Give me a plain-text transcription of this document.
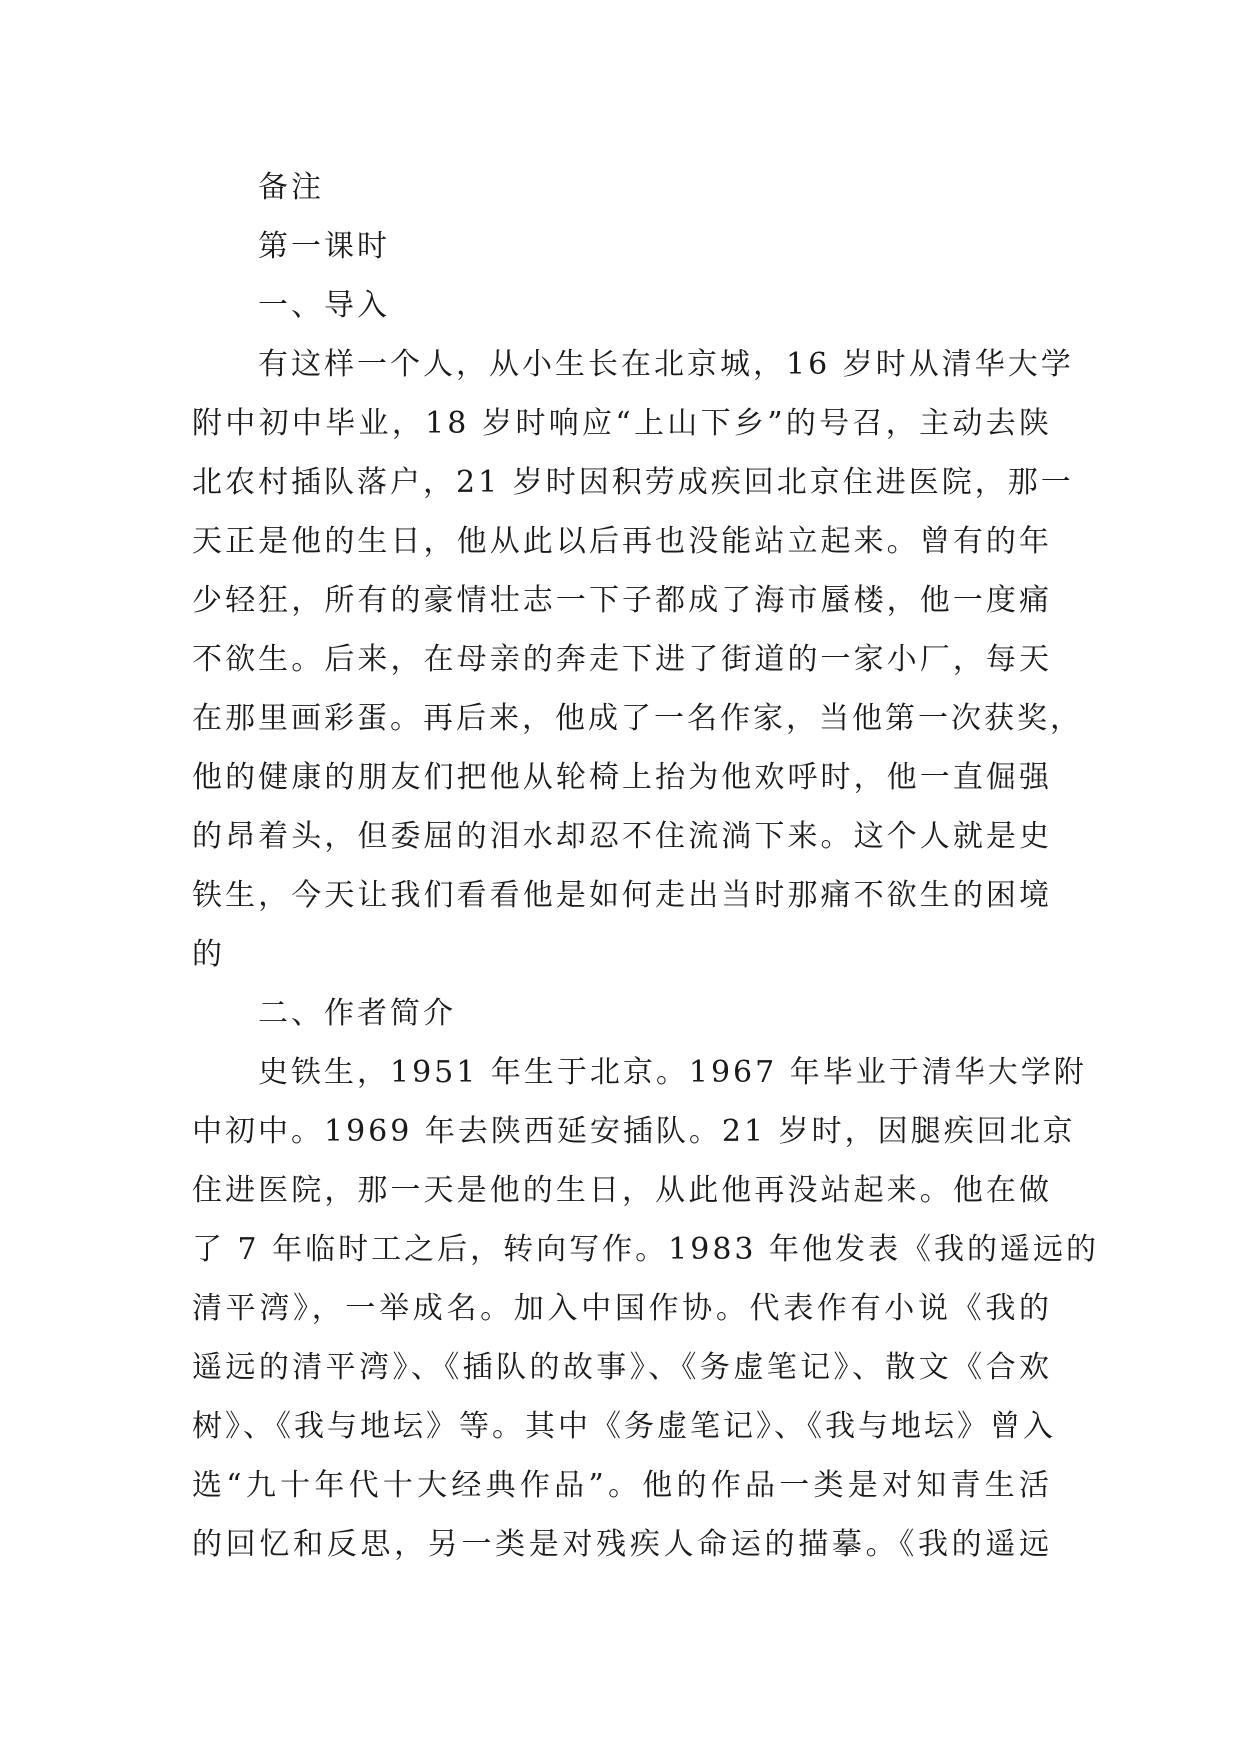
备注
第一课时
一、导入
有这样一个人，从小生长在北京城，16 岁时从清华大学
附中初中毕业，18 岁时响应“上山下乡”的号召，主动去陕
北农村插队落户，21 岁时因积劳成疾回北京住进医院，那一
天正是他的生日，他从此以后再也没能站立起来。曾有的年
少轻狂，所有的豪情壮志一下子都成了海市蜃楼，他一度痛
不欲生。后来，在母亲的奔走下进了街道的一家小厂，每天
在那里画彩蛋。再后来，他成了一名作家，当他第一次获奖，
他的健康的朋友们把他从轮椅上抬为他欢呼时，他一直倔强
的昂着头，但委屈的泪水却忍不住流淌下来。这个人就是史
铁生，今天让我们看看他是如何走出当时那痛不欲生的困境
的
二、作者简介
史铁生，1951 年生于北京。1967 年毕业于清华大学附
中初中。1969 年去陕西延安插队。21 岁时，因腿疾回北京
住进医院，那一天是他的生日，从此他再没站起来。他在做
了 7 年临时工之后，转向写作。1983 年他发表《我的遥远的
清平湾》，一举成名。加入中国作协。代表作有小说《我的
遥远的清平湾》、《插队的故事》、《务虚笔记》、散文《合欢
树》、《我与地坛》等。其中《务虚笔记》、《我与地坛》曾入
选“九十年代十大经典作品”。他的作品一类是对知青生活
的回忆和反思，另一类是对残疾人命运的描摹。《我的遥远
